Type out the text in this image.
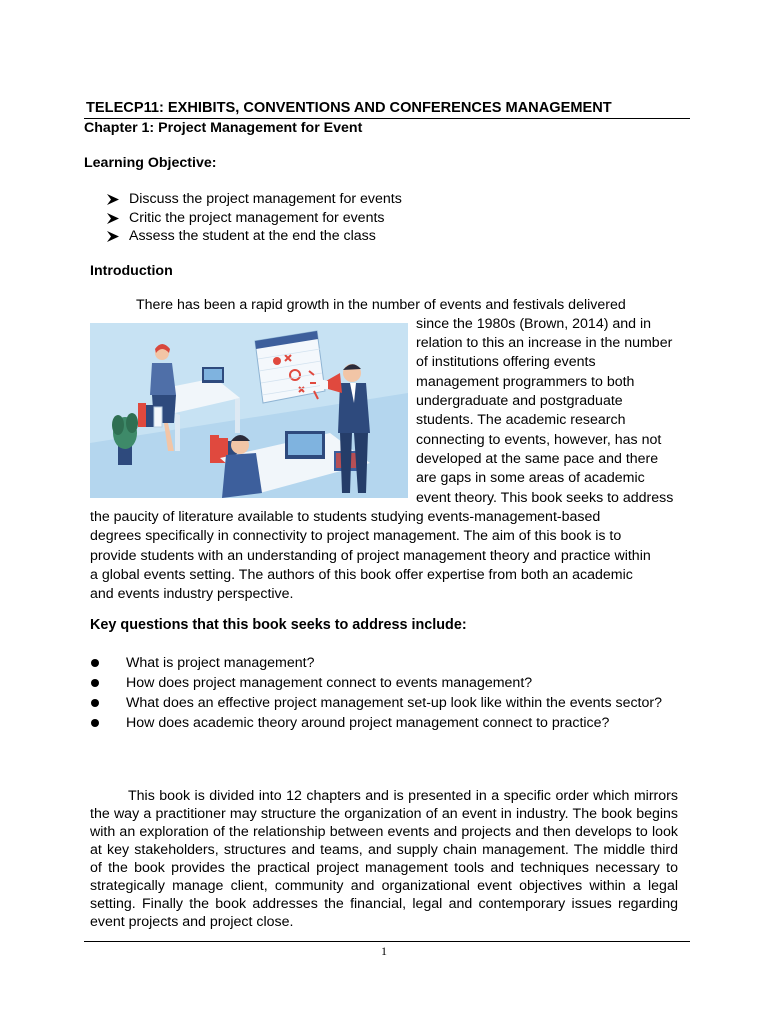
TELECP11: EXHIBITS, CONVENTIONS AND CONFERENCES MANAGEMENT
Chapter 1: Project Management for Event
Learning Objective:
Discuss the project management for events
Critic the project management for events
Assess the student at the end the class
Introduction
There has been a rapid growth in the number of events and festivals delivered
since the 1980s (Brown, 2014) and in
relation to this an increase in the number
of institutions offering events
management programmers to both
undergraduate and postgraduate
students. The academic research
connecting to events, however, has not
developed at the same pace and there
are gaps in some areas of academic
event theory. This book seeks to address
the paucity of literature available to students studying events-management-based
degrees specifically in connectivity to project management. The aim of this book is to
provide students with an understanding of project management theory and practice within
a global events setting. The authors of this book offer expertise from both an academic
and events industry perspective.
Key questions that this book seeks to address include:
What is project management?
How does project management connect to events management?
What does an effective project management set-up look like within the events sector?
How does academic theory around project management connect to practice?

This book is divided into 12 chapters and is presented in a specific order which mirrors the way a practitioner may structure the organization of an event in industry. The book begins with an exploration of the relationship between events and projects and then develops to look at key stakeholders, structures and teams, and supply chain management. The middle third of the book provides the practical project management tools and techniques necessary to strategically manage client, community and organizational event objectives within a legal setting. Finally the book addresses the financial, legal and contemporary issues regarding event projects and project close.

1
